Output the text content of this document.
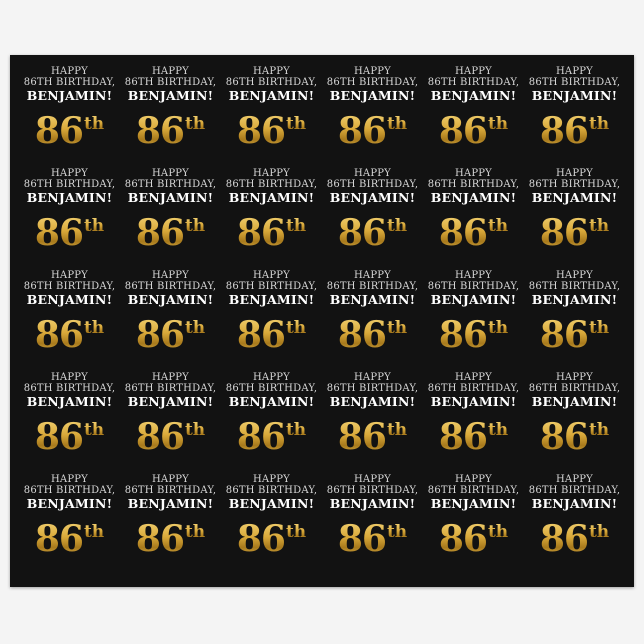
HAPPY
86TH BIRTHDAY,
BENJAMIN!
86th
HAPPY
86TH BIRTHDAY,
BENJAMIN!
86th
HAPPY
86TH BIRTHDAY,
BENJAMIN!
86th
HAPPY
86TH BIRTHDAY,
BENJAMIN!
86th
HAPPY
86TH BIRTHDAY,
BENJAMIN!
86th
HAPPY
86TH BIRTHDAY,
BENJAMIN!
86th
HAPPY
86TH BIRTHDAY,
BENJAMIN!
86th
HAPPY
86TH BIRTHDAY,
BENJAMIN!
86th
HAPPY
86TH BIRTHDAY,
BENJAMIN!
86th
HAPPY
86TH BIRTHDAY,
BENJAMIN!
86th
HAPPY
86TH BIRTHDAY,
BENJAMIN!
86th
HAPPY
86TH BIRTHDAY,
BENJAMIN!
86th
HAPPY
86TH BIRTHDAY,
BENJAMIN!
86th
HAPPY
86TH BIRTHDAY,
BENJAMIN!
86th
HAPPY
86TH BIRTHDAY,
BENJAMIN!
86th
HAPPY
86TH BIRTHDAY,
BENJAMIN!
86th
HAPPY
86TH BIRTHDAY,
BENJAMIN!
86th
HAPPY
86TH BIRTHDAY,
BENJAMIN!
86th
HAPPY
86TH BIRTHDAY,
BENJAMIN!
86th
HAPPY
86TH BIRTHDAY,
BENJAMIN!
86th
HAPPY
86TH BIRTHDAY,
BENJAMIN!
86th
HAPPY
86TH BIRTHDAY,
BENJAMIN!
86th
HAPPY
86TH BIRTHDAY,
BENJAMIN!
86th
HAPPY
86TH BIRTHDAY,
BENJAMIN!
86th
HAPPY
86TH BIRTHDAY,
BENJAMIN!
86th
HAPPY
86TH BIRTHDAY,
BENJAMIN!
86th
HAPPY
86TH BIRTHDAY,
BENJAMIN!
86th
HAPPY
86TH BIRTHDAY,
BENJAMIN!
86th
HAPPY
86TH BIRTHDAY,
BENJAMIN!
86th
HAPPY
86TH BIRTHDAY,
BENJAMIN!
86th
